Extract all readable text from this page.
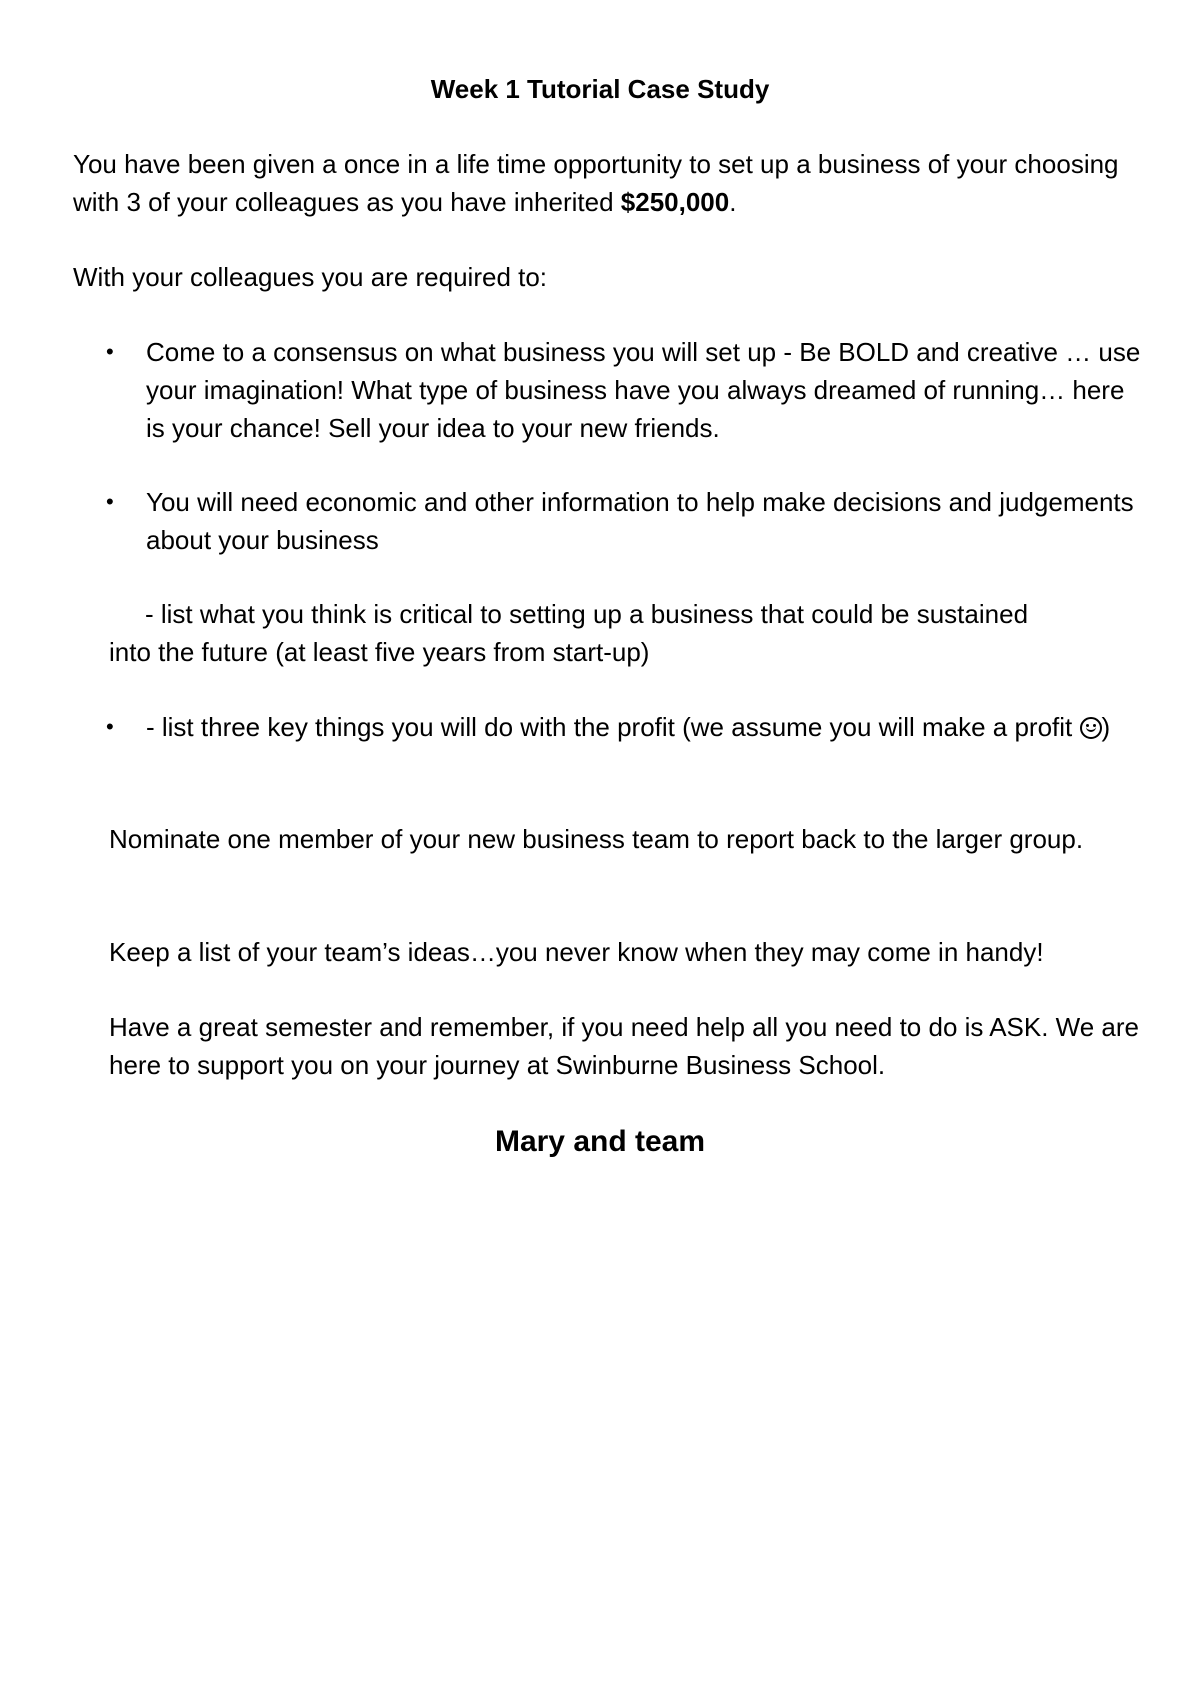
Week 1 Tutorial Case Study

You have been given a once in a life time opportunity to set up a business of your choosing with 3 of your colleagues as you have inherited $250,000.

With your colleagues you are required to:

•	Come to a consensus on what business you will set up - Be BOLD and creative … use your imagination! What type of business have you always dreamed of running… here is your chance! Sell your idea to your new friends.
•	You will need economic and other information to help make decisions and judgements about your business

- list what you think is critical to setting up a business that could be sustained
into the future (at least five years from start-up)

•	- list three key things you will do with the profit (we assume you will make a profit
)

Nominate one member of your new business team to report back to the larger group.

Keep a list of your team’s ideas…you never know when they may come in handy!

Have a great semester and remember, if you need help all you need to do is ASK. We are here to support you on your journey at Swinburne Business School.

Mary and team
